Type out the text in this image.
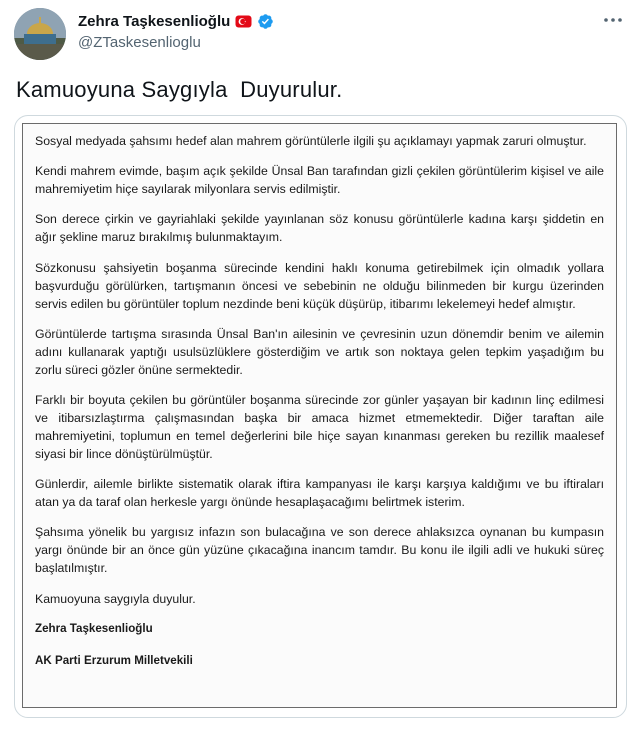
Zehra Taşkesenlioğlu
@ZTaskesenlioglu
Kamuoyuna Saygıyla  Duyurulur.

Sosyal medyada şahsımı hedef alan mahrem görüntülerle ilgili şu açıklamayı yapmak zaruri olmuştur.

Kendi mahrem evimde, başım açık şekilde Ünsal Ban tarafından gizli çekilen görüntülerim kişisel ve aile mahremiyetim hiçe sayılarak milyonlara servis edilmiştir.

Son derece çirkin ve gayriahlaki şekilde yayınlanan söz konusu görüntülerle kadına karşı şiddetin en ağır şekline maruz bırakılmış bulunmaktayım.

Sözkonusu şahsiyetin boşanma sürecinde kendini haklı konuma getirebilmek için olmadık yollara başvurduğu görülürken, tartışmanın öncesi ve sebebinin ne olduğu bilinmeden bir kurgu üzerinden servis edilen bu görüntüler toplum nezdinde beni küçük düşürüp, itibarımı lekelemeyi hedef almıştır.

Görüntülerde tartışma sırasında Ünsal Ban'ın ailesinin ve çevresinin uzun dönemdir benim ve ailemin adını kullanarak yaptığı usulsüzlüklere gösterdiğim ve artık son noktaya gelen tepkim yaşadığım bu zorlu süreci gözler önüne sermektedir.

Farklı bir boyuta çekilen bu görüntüler boşanma sürecinde zor günler yaşayan bir kadının linç edilmesi ve itibarsızlaştırma çalışmasından başka bir amaca hizmet etmemektedir. Diğer taraftan aile mahremiyetini, toplumun en temel değerlerini bile hiçe sayan kınanması gereken bu rezillik maalesef siyasi bir lince dönüştürülmüştür.

Günlerdir, ailemle birlikte sistematik olarak iftira kampanyası ile karşı karşıya kaldığımı ve bu iftiraları atan ya da taraf olan herkesle yargı önünde hesaplaşacağımı belirtmek isterim.

Şahsıma yönelik bu yargısız infazın son bulacağına ve son derece ahlaksızca oynanan bu kumpasın yargı önünde bir an önce gün yüzüne çıkacağına inancım tamdır. Bu konu ile ilgili adli ve hukuki süreç başlatılmıştır.

Kamuoyuna saygıyla duyulur.

Zehra Taşkesenlioğlu

AK Parti Erzurum Milletvekili
